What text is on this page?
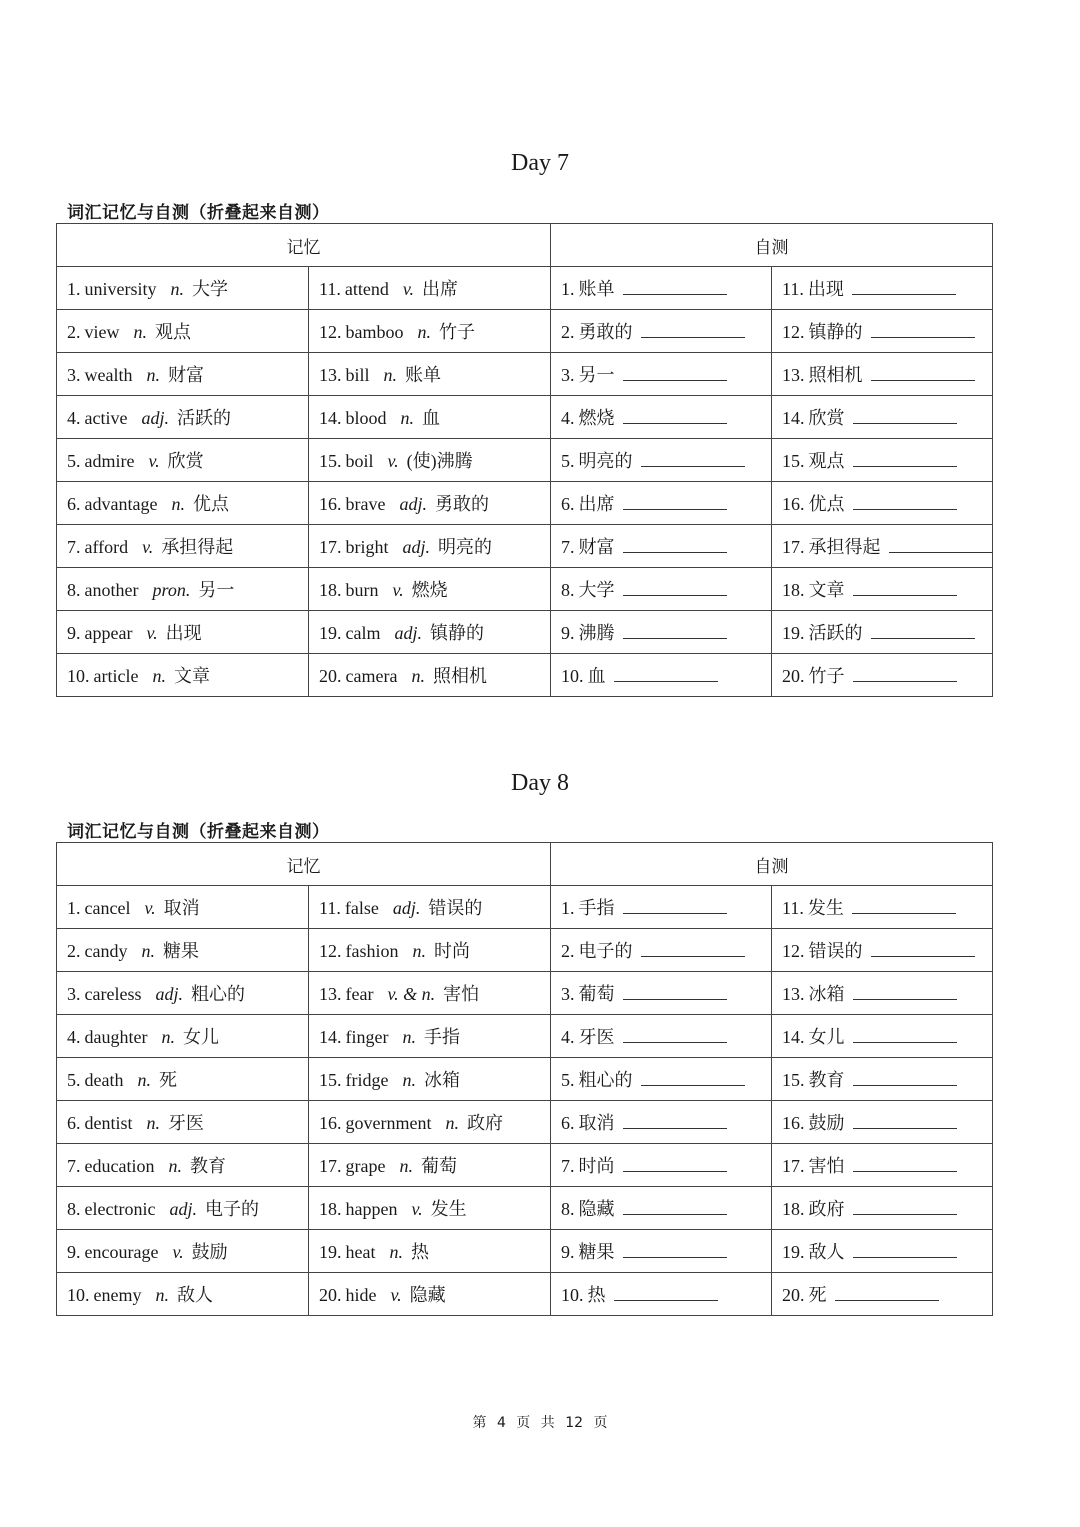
Day 7
词汇记忆与自测（折叠起来自测）
记忆		自测	
1. university n. 大学	11. attend v. 出席	1. 账单	11. 出现
2. view n. 观点	12. bamboo n. 竹子	2. 勇敢的	12. 镇静的
3. wealth n. 财富	13. bill n. 账单	3. 另一	13. 照相机
4. active adj. 活跃的	14. blood n. 血	4. 燃烧	14. 欣赏
5. admire v. 欣赏	15. boil v. (使)沸腾	5. 明亮的	15. 观点
6. advantage n. 优点	16. brave adj. 勇敢的	6. 出席	16. 优点
7. afford v. 承担得起	17. bright adj. 明亮的	7. 财富	17. 承担得起
8. another pron. 另一	18. burn v. 燃烧	8. 大学	18. 文章
9. appear v. 出现	19. calm adj. 镇静的	9. 沸腾	19. 活跃的
10. article n. 文章	20. camera n. 照相机	10. 血	20. 竹子
Day 8
词汇记忆与自测（折叠起来自测）
记忆		自测	
1. cancel v. 取消	11. false adj. 错误的	1. 手指	11. 发生
2. candy n. 糖果	12. fashion n. 时尚	2. 电子的	12. 错误的
3. careless adj. 粗心的	13. fear v. & n. 害怕	3. 葡萄	13. 冰箱
4. daughter n. 女儿	14. finger n. 手指	4. 牙医	14. 女儿
5. death n. 死	15. fridge n. 冰箱	5. 粗心的	15. 教育
6. dentist n. 牙医	16. government n. 政府	6. 取消	16. 鼓励
7. education n. 教育	17. grape n. 葡萄	7. 时尚	17. 害怕
8. electronic adj. 电子的	18. happen v. 发生	8. 隐藏	18. 政府
9. encourage v. 鼓励	19. heat n. 热	9. 糖果	19. 敌人
10. enemy n. 敌人	20. hide v. 隐藏	10. 热	20. 死
第 4 页 共 12 页
